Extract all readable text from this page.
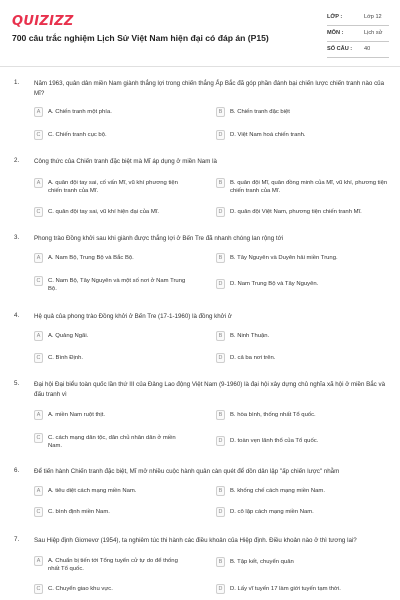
QUIZIZZ
700 câu trắc nghiệm Lịch Sử Việt Nam hiện đại có đáp án (P15)
LỚP :	Lớp 12
MÔN :	Lịch sử
SỐ CÂU : 40
1. Năm 1963, quân dân miền Nam giành thắng lợi trong chiến thắng Ấp Bắc đã góp phần đánh bại chiến lược chiến tranh nào của Mĩ?
A	A. Chiến tranh một phía.	B	B. Chiến tranh đặc biệt
C	C. Chiến tranh cục bộ.	D	D. Việt Nam hoá chiến tranh.
2. Công thức của Chiến tranh đặc biệt mà Mĩ áp dụng ở miền Nam là
A	A. quân đội tay sai, cố vấn Mĩ, vũ khí phương tiện chiến tranh của Mĩ.
B	B. quân đội Mĩ, quân đồng minh của Mĩ, vũ khí, phương tiện chiến tranh của Mĩ.
C	C. quân đội tay sai, vũ khí hiện đại của Mĩ.	D	D. quân đội Việt Nam, phương tiện chiến tranh Mĩ.
3. Phong trào Đồng khởi sau khi giành được thắng lợi ở Bến Tre đã nhanh chóng lan rộng tới
A	A. Nam Bộ, Trung Bộ và Bắc Bộ.	B	B. Tây Nguyên và Duyên hải miền Trung.
C	C. Nam Bộ, Tây Nguyên và một số nơi ở Nam Trung Bộ.
D	D. Nam Trung Bộ và Tây Nguyên.
4. Hệ quả của phong trào Đồng khởi ở Bến Tre (17-1-1960) là đồng khởi ở
A	A. Quảng Ngãi.	B	B. Ninh Thuận.
C	C. Bình Định.	D	D. cả ba nơi trên.
5. Đại hội Đại biểu toàn quốc lần thứ III của Đảng Lao động Việt Nam (9-1960) là đại hội xây dựng chủ nghĩa xã hội ở miền Bắc và đấu tranh vì
A	A. miền Nam ruột thịt.	B	B. hòa bình, thống nhất Tổ quốc.
C	C. cách mạng dân tộc, dân chủ nhân dân ở miền Nam.
D	D. toàn vẹn lãnh thổ của Tổ quốc.
6. Để tiến hành Chiến tranh đặc biệt, Mĩ mở nhiều cuộc hành quân càn quét để dồn dân lập "ấp chiến lược" nhằm
A	A. tiêu diệt cách mạng miền Nam.	B	B. khống chế cách mạng miền Nam.
C	C. bình định miền Nam.	D	D. cô lập cách mạng miền Nam.
7. Sau Hiệp định Giơnevơ (1954), ta nghiêm túc thi hành các điều khoản của Hiệp định. Điều khoản nào ở thì tương lai?
A	A. Chuẩn bị tiến tới Tổng tuyển cử tự do để thống nhất Tổ quốc.
B	B. Tập kết, chuyển quân
C	C. Chuyển giao khu vực.	D	D. Lấy vĩ tuyến 17 làm giới tuyến tạm thời.
